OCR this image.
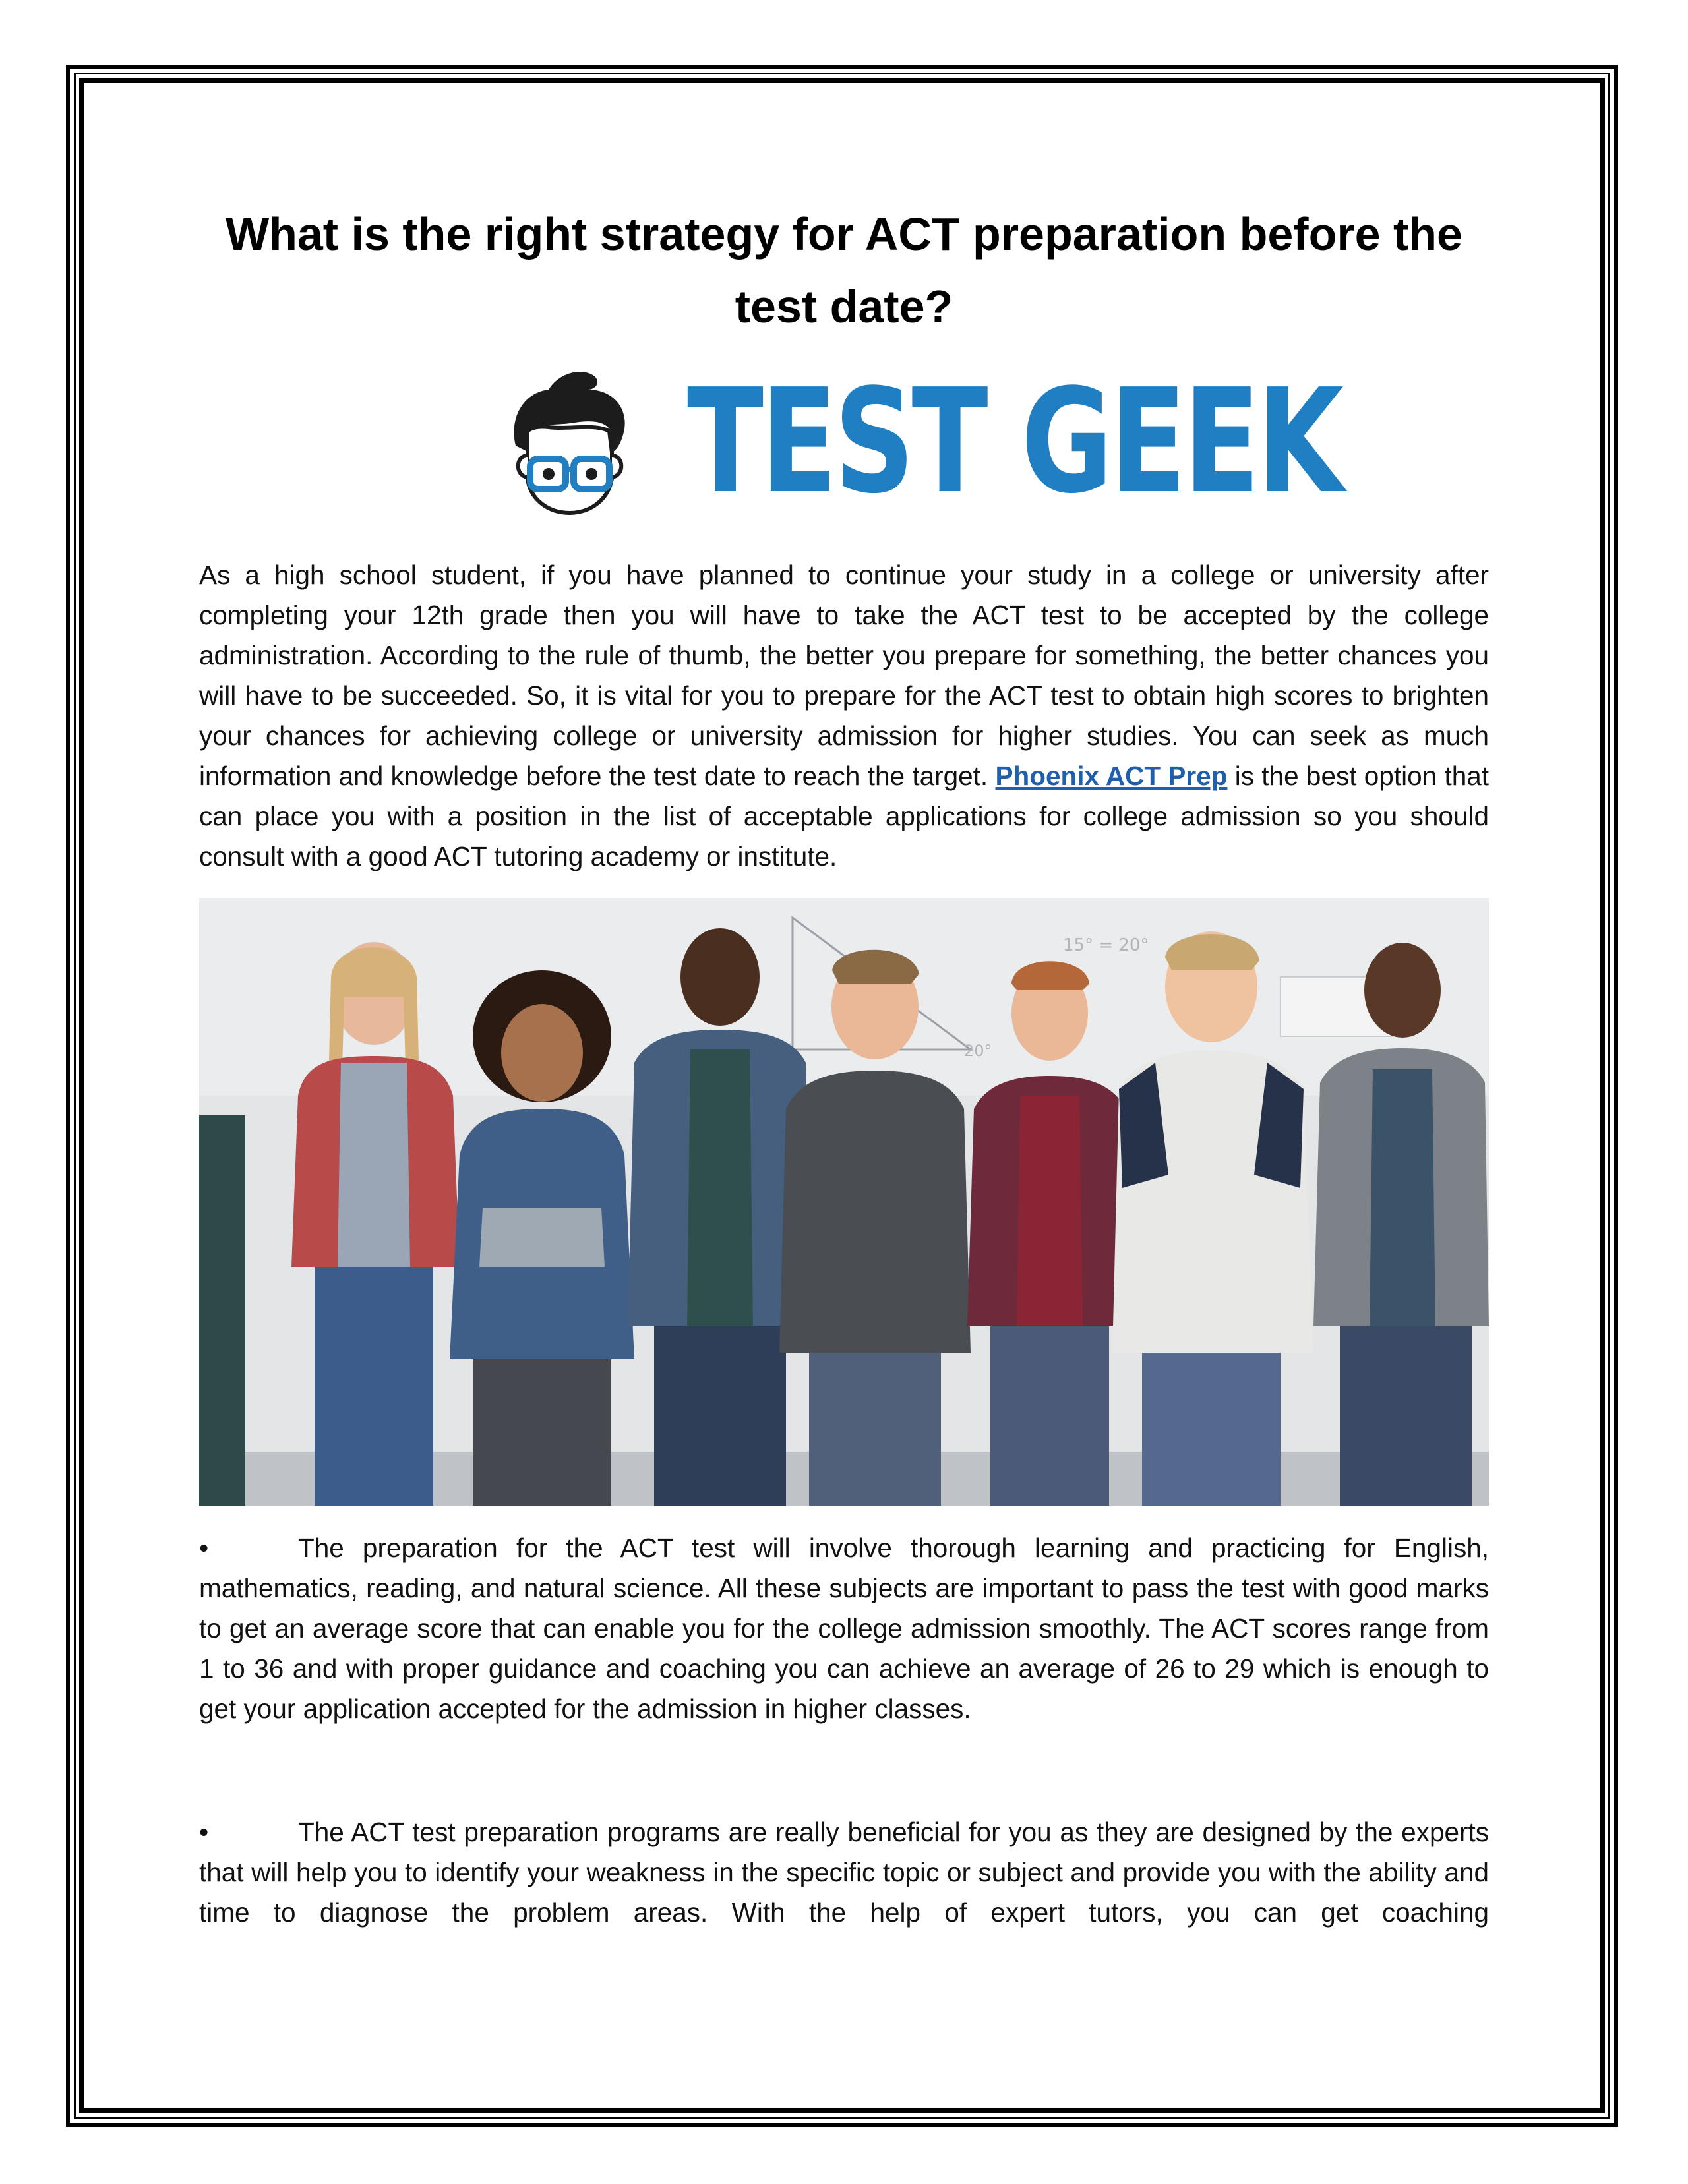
What is the right strategy for ACT preparation before the test date?
TEST GEEK

As a high school student, if you have planned to continue your study in a college or university after completing your 12th grade then you will have to take the ACT test to be accepted by the college administration. According to the rule of thumb, the better you prepare for something, the better chances you will have to be succeeded. So, it is vital for you to prepare for the ACT test to obtain high scores to brighten your chances for achieving college or university admission for higher studies. You can seek as much information and knowledge before the test date to reach the target. Phoenix ACT Prep is the best option that can place you with a position in the list of acceptable applications for college admission so you should consult with a good ACT tutoring academy or institute.

15° = 20°
20°

•	The preparation for the ACT test will involve thorough learning and practicing for English, mathematics, reading, and natural science. All these subjects are important to pass the test with good marks to get an average score that can enable you for the college admission smoothly. The ACT scores range from 1 to 36 and with proper guidance and coaching you can achieve an average of 26 to 29 which is enough to get your application accepted for the admission in higher classes.

•	The ACT test preparation programs are really beneficial for you as they are designed by the experts that will help you to identify your weakness in the specific topic or subject and provide you with the ability and time to diagnose the problem areas. With the help of expert tutors, you can get coaching
